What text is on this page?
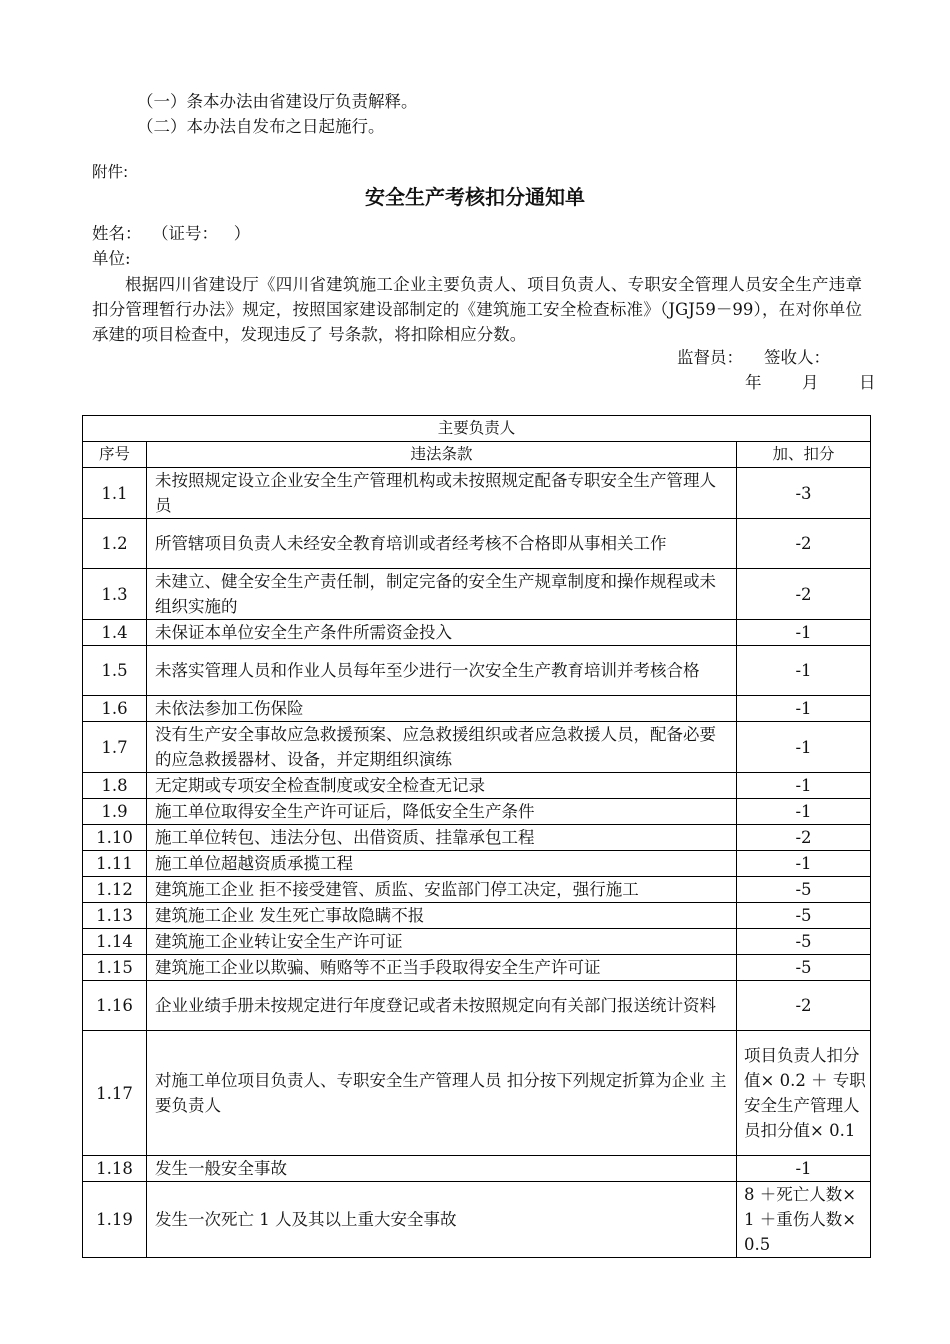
（一）条本办法由省建设厅负责解释。
（二）本办法自发布之日起施行。
附件:
安全生产考核扣分通知单
姓名：  （证号：   ）
单位:
根据四川省建设厅《四川省建筑施工企业主要负责人、项目负责人、专职安全管理人员安全生产违章扣分管理暂行办法》规定，按照国家建设部制定的《建筑施工安全检查标准》（JGJ59－99），在对你单位承建的项目检查中，发现违反了 号条款，将扣除相应分数。
监督员：    签收人：
年 月 日
主要负责人		
序号	违法条款	加、扣分
1.1	未按照规定设立企业安全生产管理机构或未按照规定配备专职安全生产管理人员	-3
1.2	所管辖项目负责人未经安全教育培训或者经考核不合格即从事相关工作	-2
1.3	未建立、健全安全生产责任制，制定完备的安全生产规章制度和操作规程或未组织实施的	-2
1.4	未保证本单位安全生产条件所需资金投入	-1
1.5	未落实管理人员和作业人员每年至少进行一次安全生产教育培训并考核合格	-1
1.6	未依法参加工伤保险	-1
1.7	没有生产安全事故应急救援预案、应急救援组织或者应急救援人员，配备必要的应急救援器材、设备，并定期组织演练	-1
1.8	无定期或专项安全检查制度或安全检查无记录	-1
1.9	施工单位取得安全生产许可证后，降低安全生产条件	-1
1.10	施工单位转包、违法分包、出借资质、挂靠承包工程	-2
1.11	施工单位超越资质承揽工程	-1
1.12	建筑施工企业 拒不接受建管、质监、安监部门停工决定，强行施工	-5
1.13	建筑施工企业 发生死亡事故隐瞒不报	-5
1.14	建筑施工企业转让安全生产许可证	-5
1.15	建筑施工企业以欺骗、贿赂等不正当手段取得安全生产许可证	-5
1.16	企业业绩手册未按规定进行年度登记或者未按照规定向有关部门报送统计资料	-2
1.17	对施工单位项目负责人、专职安全生产管理人员 扣分按下列规定折算为企业 主要负责人	项目负责人扣分值× 0.2 ＋ 专职安全生产管理人员扣分值× 0.1
1.18	发生一般安全事故	-1
1.19	发生一次死亡 1 人及其以上重大安全事故	8 ＋死亡人数× 1 ＋重伤人数× 0.5
